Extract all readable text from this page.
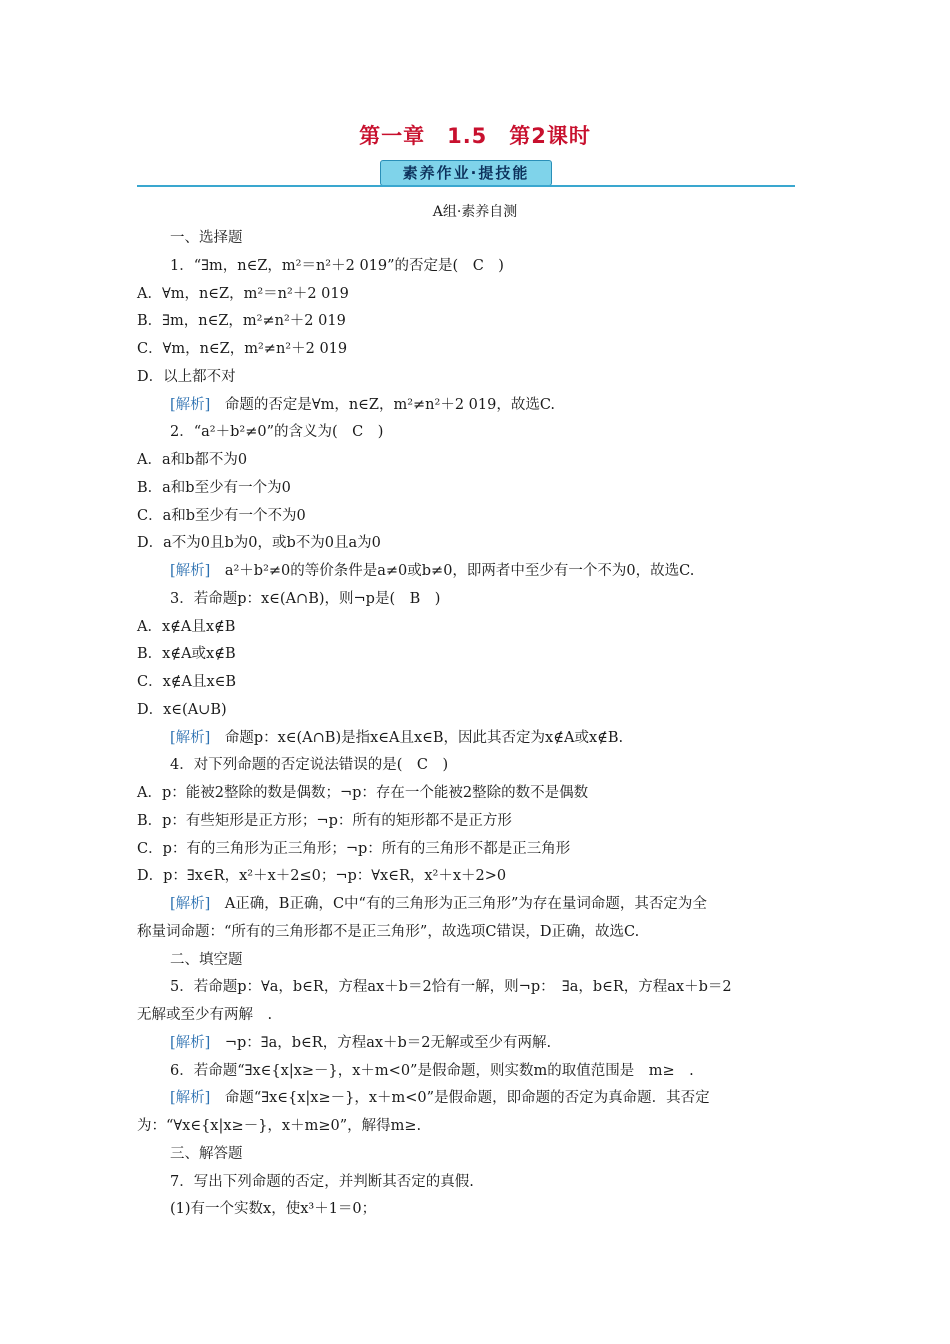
第一章　1.5　第2课时
素养作业·提技能
A组·素养自测
一、选择题
1．“∃m，n∈Z，m²＝n²＋2 019”的否定是(　C　)
A．∀m，n∈Z，m²＝n²＋2 019
B．∃m，n∈Z，m²≠n²＋2 019
C．∀m，n∈Z，m²≠n²＋2 019
D．以上都不对
[解析]　命题的否定是∀m，n∈Z，m²≠n²＋2 019，故选C.
2．“a²＋b²≠0”的含义为(　C　)
A．a和b都不为0
B．a和b至少有一个为0
C．a和b至少有一个不为0
D．a不为0且b为0，或b不为0且a为0
[解析]　a²＋b²≠0的等价条件是a≠0或b≠0，即两者中至少有一个不为0，故选C.
3．若命题p：x∈(A∩B)，则¬p是(　B　)
A．x∉A且x∉B
B．x∉A或x∉B
C．x∉A且x∈B
D．x∈(A∪B)
[解析]　命题p：x∈(A∩B)是指x∈A且x∈B，因此其否定为x∉A或x∉B.
4．对下列命题的否定说法错误的是(　C　)
A．p：能被2整除的数是偶数；¬p：存在一个能被2整除的数不是偶数
B．p：有些矩形是正方形；¬p：所有的矩形都不是正方形
C．p：有的三角形为正三角形；¬p：所有的三角形不都是正三角形
D．p：∃x∈R，x²＋x＋2≤0；¬p：∀x∈R，x²＋x＋2>0
[解析]　A正确，B正确，C中“有的三角形为正三角形”为存在量词命题，其否定为全
称量词命题：“所有的三角形都不是正三角形”，故选项C错误，D正确，故选C.
二、填空题
5．若命题p：∀a，b∈R，方程ax＋b＝2恰有一解，则¬p：　∃a，b∈R，方程ax＋b＝2
无解或至少有两解　.
[解析]　¬p：∃a，b∈R，方程ax＋b＝2无解或至少有两解.
6．若命题“∃x∈{x|x≥－}，x＋m<0”是假命题，则实数m的取值范围是　m≥　.
[解析]　命题“∃x∈{x|x≥－}，x＋m<0”是假命题，即命题的否定为真命题．其否定
为：“∀x∈{x|x≥－}，x＋m≥0”，解得m≥.
三、解答题
7．写出下列命题的否定，并判断其否定的真假.
(1)有一个实数x，使x³＋1＝0；
